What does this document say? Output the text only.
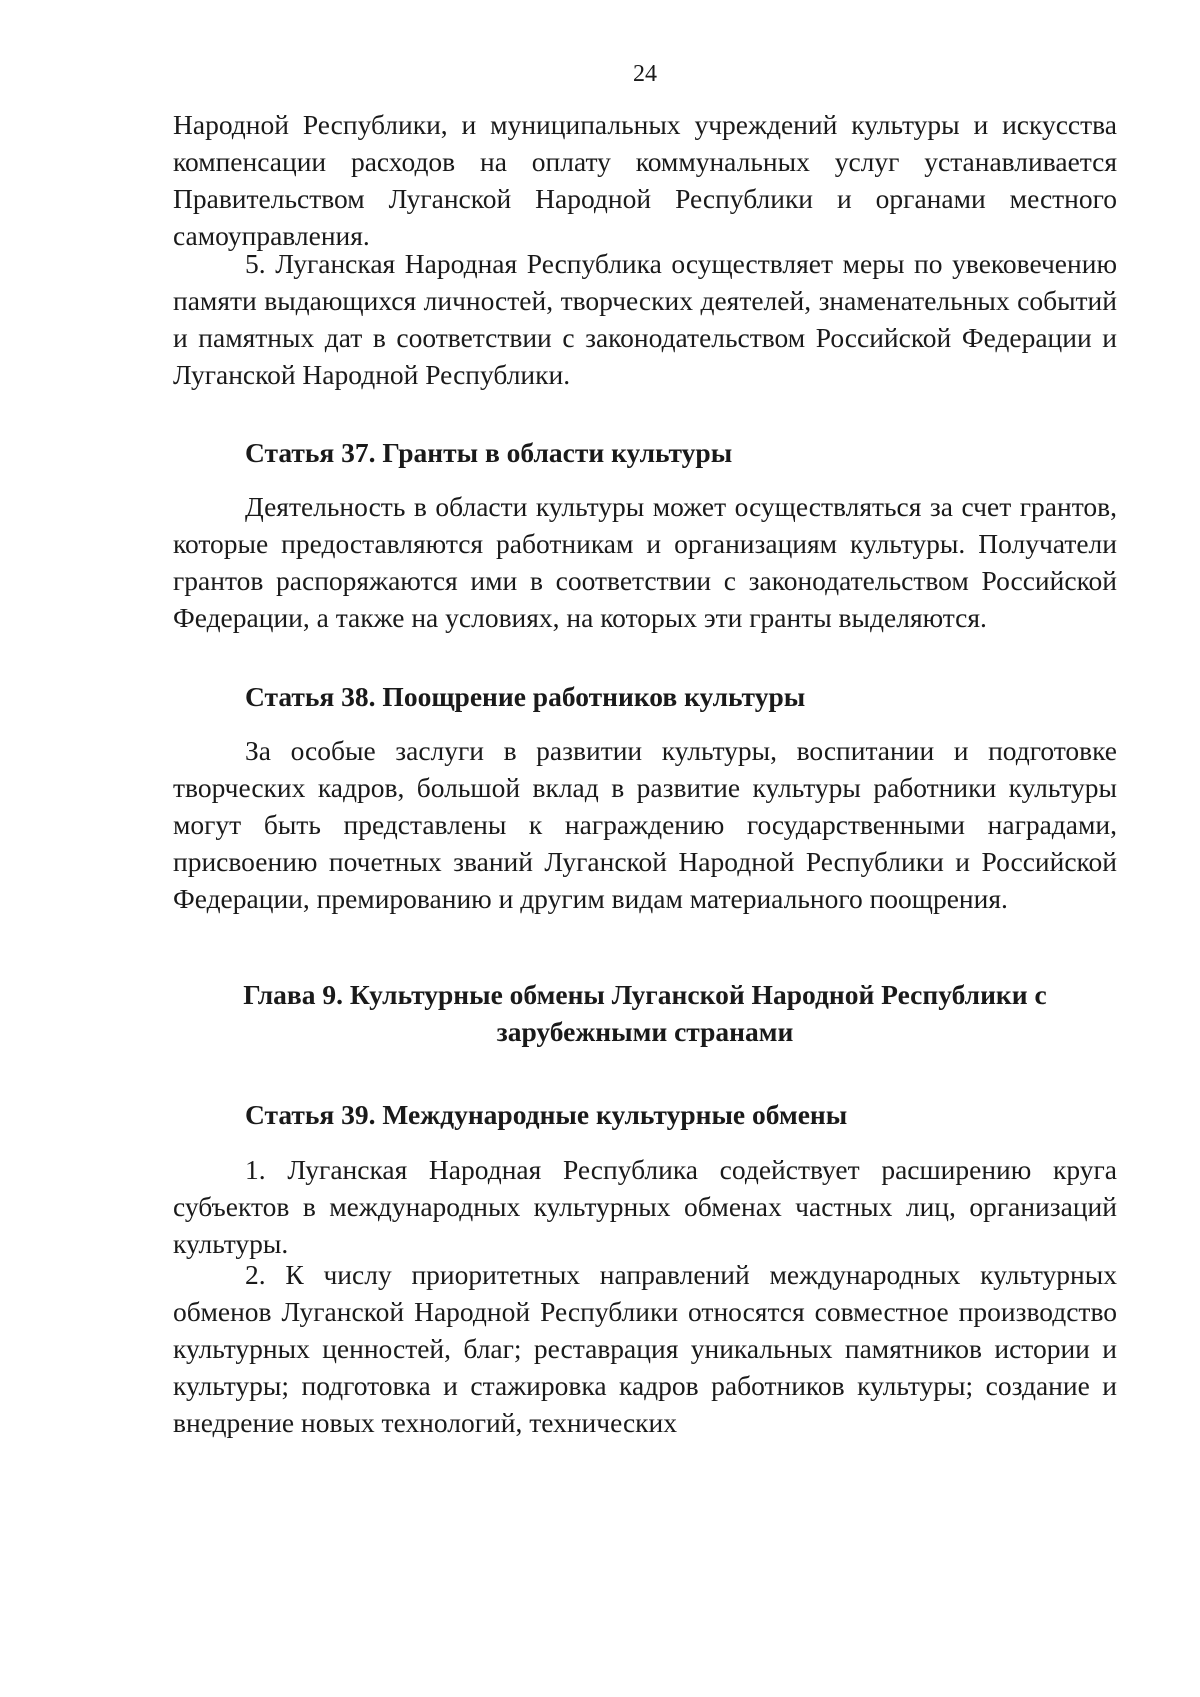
24

Народной Республики, и муниципальных учреждений культуры и искусства компенсации расходов на оплату коммунальных услуг устанавливается Правительством Луганской Народной Республики и органами местного самоуправления.

5. Луганская Народная Республика осуществляет меры по увековечению памяти выдающихся личностей, творческих деятелей, знаменательных событий и памятных дат в соответствии с законодательством Российской Федерации и Луганской Народной Республики.

Статья 37. Гранты в области культуры

Деятельность в области культуры может осуществляться за счет грантов, которые предоставляются работникам и организациям культуры. Получатели грантов распоряжаются ими в соответствии с законодательством Российской Федерации, а также на условиях, на которых эти гранты выделяются.

Статья 38. Поощрение работников культуры

За особые заслуги в развитии культуры, воспитании и подготовке творческих кадров, большой вклад в развитие культуры работники культуры могут быть представлены к награждению государственными наградами, присвоению почетных званий Луганской Народной Республики и Российской Федерации, премированию и другим видам материального поощрения.

Глава 9. Культурные обмены Луганской Народной Республики с
зарубежными странами
Статья 39. Международные культурные обмены

1. Луганская Народная Республика содействует расширению круга субъектов в международных культурных обменах частных лиц, организаций культуры.

2. К числу приоритетных направлений международных культурных обменов Луганской Народной Республики относятся совместное производство культурных ценностей, благ; реставрация уникальных памятников истории и культуры; подготовка и стажировка кадров работников культуры; создание и внедрение новых технологий, технических
